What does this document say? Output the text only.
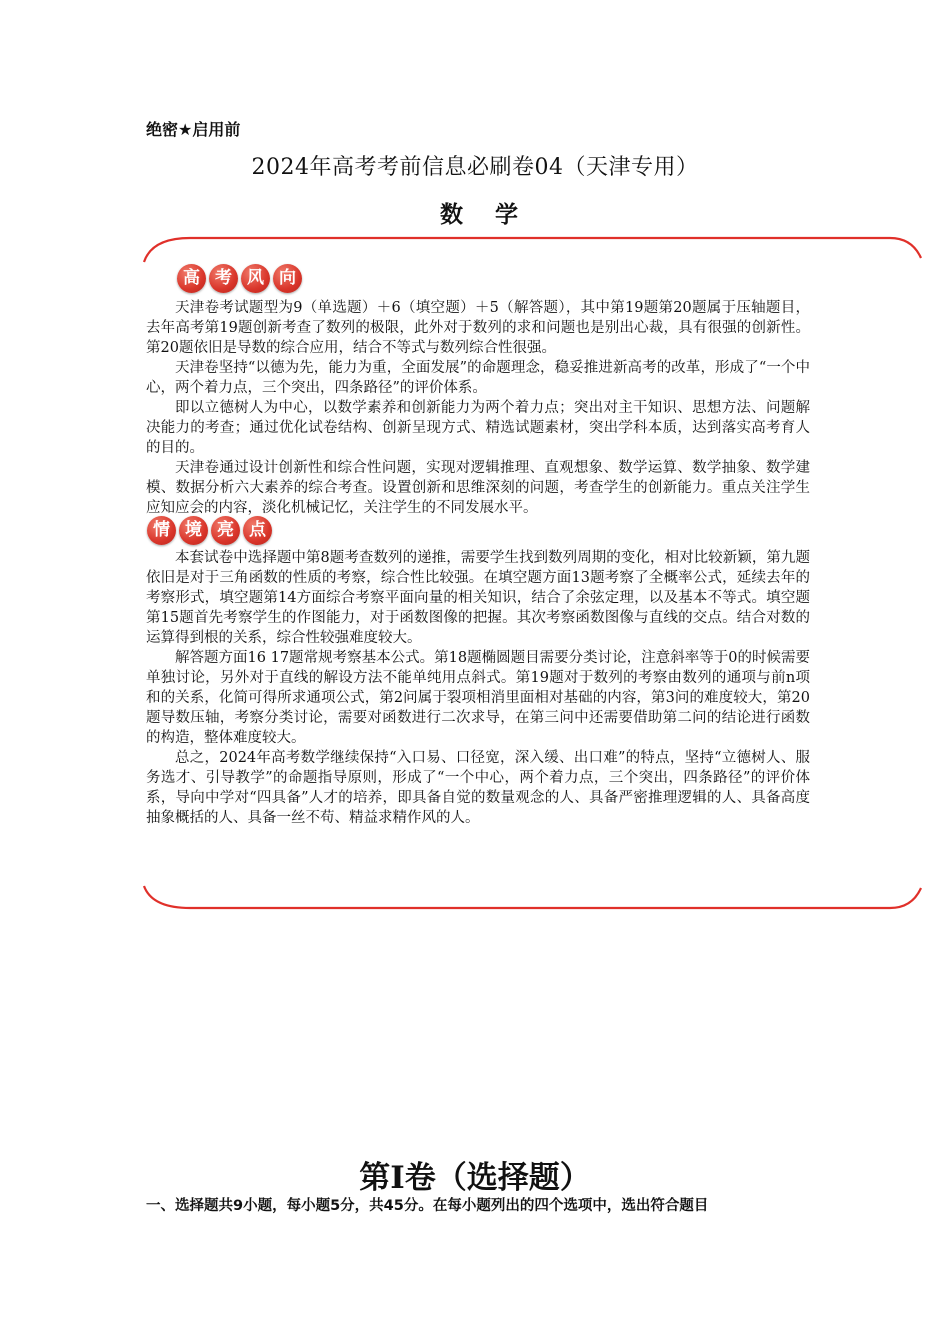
绝密★启用前
2024年高考考前信息必刷卷04（天津专用）
数 学
高 考 风 向

天津卷考试题型为9（单选题）＋6（填空题）＋5（解答题），其中第19题第20题属于压轴题目，去年高考第19题创新考查了数列的极限，此外对于数列的求和问题也是别出心裁，具有很强的创新性。第20题依旧是导数的综合应用，结合不等式与数列综合性很强。

天津卷坚持“以德为先，能力为重，全面发展”的命题理念，稳妥推进新高考的改革，形成了“一个中心，两个着力点，三个突出，四条路径”的评价体系。

即以立德树人为中心，以数学素养和创新能力为两个着力点；突出对主干知识、思想方法、问题解决能力的考查；通过优化试卷结构、创新呈现方式、精选试题素材，突出学科本质，达到落实高考育人的目的。

天津卷通过设计创新性和综合性问题，实现对逻辑推理、直观想象、数学运算、数学抽象、数学建模、数据分析六大素养的综合考查。设置创新和思维深刻的问题，考查学生的创新能力。重点关注学生应知应会的内容，淡化机械记忆，关注学生的不同发展水平。

情 境 亮 点

本套试卷中选择题中第8题考查数列的递推，需要学生找到数列周期的变化，相对比较新颖，第九题依旧是对于三角函数的性质的考察，综合性比较强。在填空题方面13题考察了全概率公式，延续去年的考察形式，填空题第14方面综合考察平面向量的相关知识，结合了余弦定理，以及基本不等式。填空题第15题首先考察学生的作图能力，对于函数图像的把握。其次考察函数图像与直线的交点。结合对数的运算得到根的关系，综合性较强难度较大。

解答题方面16 17题常规考察基本公式。第18题椭圆题目需要分类讨论，注意斜率等于0的时候需要单独讨论，另外对于直线的解设方法不能单纯用点斜式。第19题对于数列的考察由数列的通项与前n项和的关系，化简可得所求通项公式，第2问属于裂项相消里面相对基础的内容，第3问的难度较大，第20题导数压轴，考察分类讨论，需要对函数进行二次求导，在第三问中还需要借助第二问的结论进行函数的构造，整体难度较大。

总之，2024年高考数学继续保持“入口易、口径宽，深入缓、出口难”的特点，坚持“立德树人、服务选才、引导教学”的命题指导原则，形成了“一个中心，两个着力点，三个突出，四条路径”的评价体系，导向中学对“四具备”人才的培养，即具备自觉的数量观念的人、具备严密推理逻辑的人、具备高度抽象概括的人、具备一丝不苟、精益求精作风的人。

第Ⅰ卷（选择题）
一、选择题共9小题，每小题5分，共45分。在每小题列出的四个选项中，选出符合题目
